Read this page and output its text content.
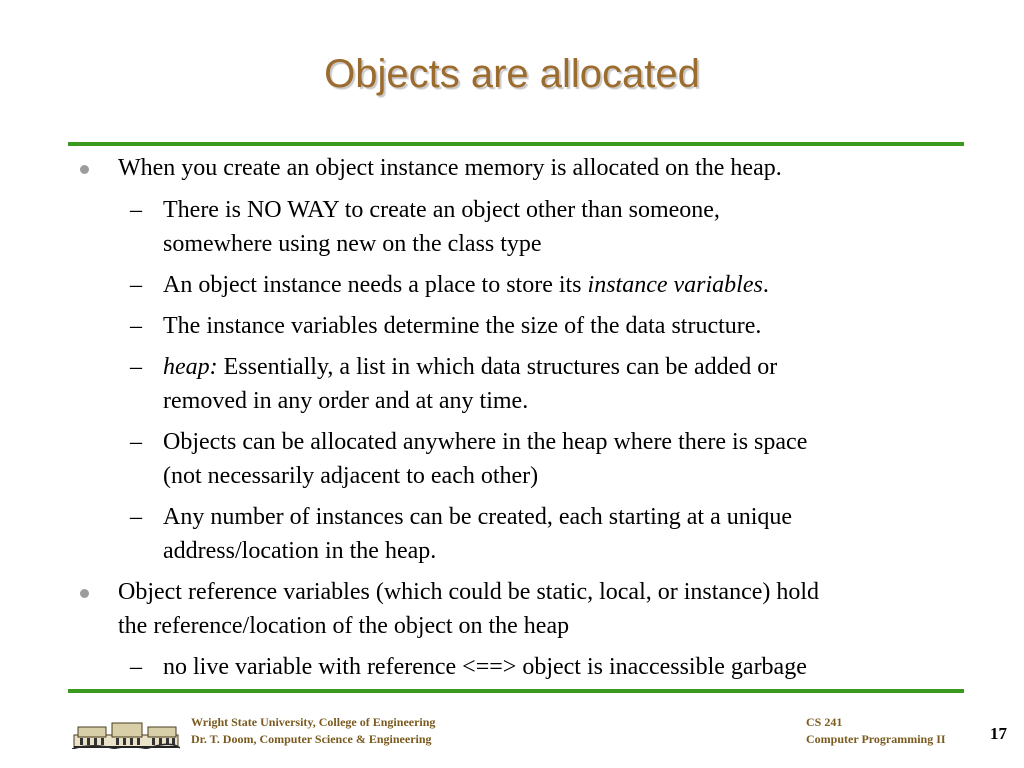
Objects are allocated
When you create an object instance memory is allocated on the heap.
– There is NO WAY to create an object other than someone,
somewhere using new on the class type
– An object instance needs a place to store its instance variables.
– The instance variables determine the size of the data structure.
– heap: Essentially, a list in which data structures can be added or
removed in any order and at any time.
– Objects can be allocated anywhere in the heap where there is space
(not necessarily adjacent to each other)
– Any number of instances can be created, each starting at a unique
address/location in the heap.
Object reference variables (which could be static, local, or instance) hold
the reference/location of the object on the heap
– no live variable with reference <==> object is inaccessible garbage
Wright State University, College of Engineering
Dr. T. Doom, Computer Science & Engineering
CS 241
Computer Programming II	17
